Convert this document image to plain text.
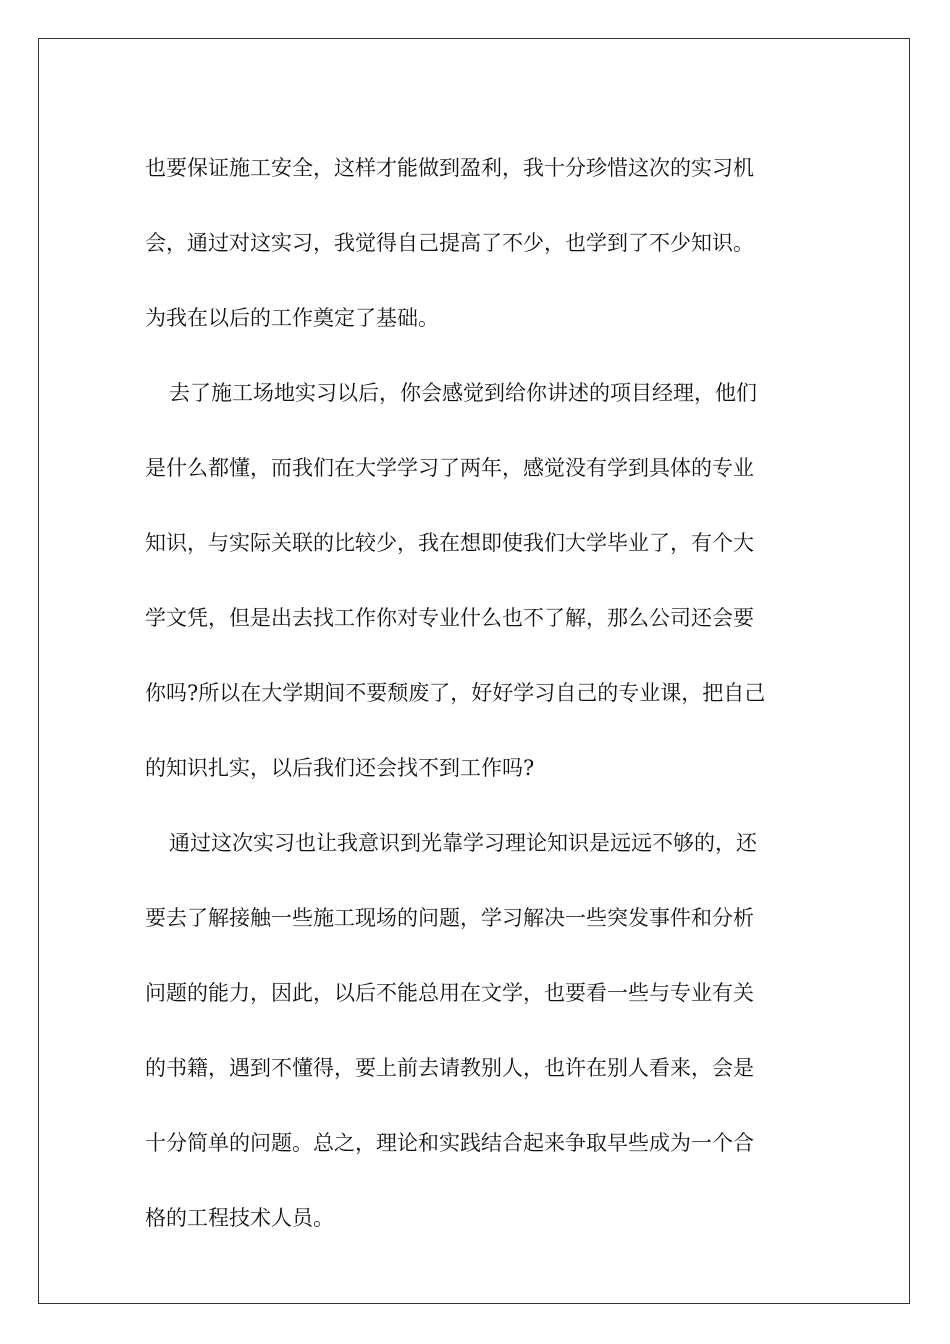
也要保证施工安全，这样才能做到盈利，我十分珍惜这次的实习机
会，通过对这实习，我觉得自己提高了不少，也学到了不少知识。
为我在以后的工作奠定了基础。
去了施工场地实习以后，你会感觉到给你讲述的项目经理，他们
是什么都懂，而我们在大学学习了两年，感觉没有学到具体的专业
知识，与实际关联的比较少，我在想即使我们大学毕业了，有个大
学文凭，但是出去找工作你对专业什么也不了解，那么公司还会要
你吗?所以在大学期间不要颓废了，好好学习自己的专业课，把自己
的知识扎实，以后我们还会找不到工作吗?
通过这次实习也让我意识到光靠学习理论知识是远远不够的，还
要去了解接触一些施工现场的问题，学习解决一些突发事件和分析
问题的能力，因此，以后不能总用在文学，也要看一些与专业有关
的书籍，遇到不懂得，要上前去请教别人，也许在别人看来，会是
十分简单的问题。总之，理论和实践结合起来争取早些成为一个合
格的工程技术人员。
